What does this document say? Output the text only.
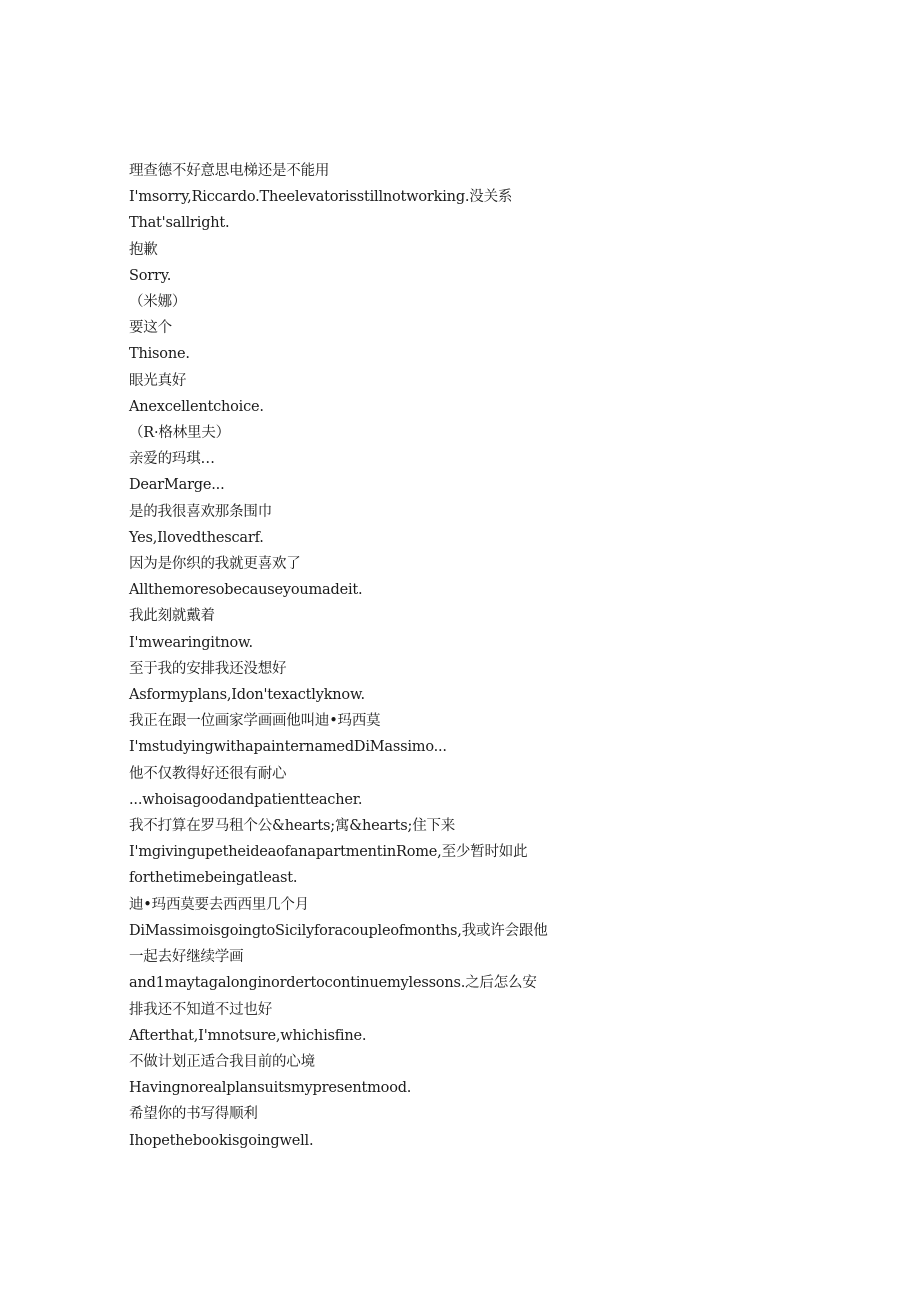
理查德不好意思电梯还是不能用
I'msorry,Riccardo.Theelevatorisstillnotworking.没关系
That'sallright.
抱歉
Sorry.
（米娜）
要这个
Thisone.
眼光真好
Anexcellentchoice.
（R·格林里夫）
亲爱的玛琪…
DearMarge...
是的我很喜欢那条围巾
Yes,Ilovedthescarf.
因为是你织的我就更喜欢了
Allthemoresobecauseyoumadeit.
我此刻就戴着
I'mwearingitnow.
至于我的安排我还没想好
Asformyplans,Idon'texactlyknow.
我正在跟一位画家学画画他叫迪•玛西莫
I'mstudyingwithapainternamedDiMassimo...
他不仅教得好还很有耐心
...whoisagoodandpatientteacher.
我不打算在罗马租个公&hearts;寓&hearts;住下来
I'mgivingupetheideaofanapartmentinRome,至少暂时如此
forthetimebeingatleast.
迪•玛西莫要去西西里几个月
DiMassimoisgoingtoSicilyforacoupleofmonths,我或许会跟他
一起去好继续学画
and1maytagalonginordertocontinuemylessons.之后怎么安
排我还不知道不过也好
Afterthat,I'mnotsure,whichisfine.
不做计划正适合我目前的心境
Havingnorealplansuitsmypresentmood.
希望你的书写得顺利
Ihopethebookisgoingwell.
